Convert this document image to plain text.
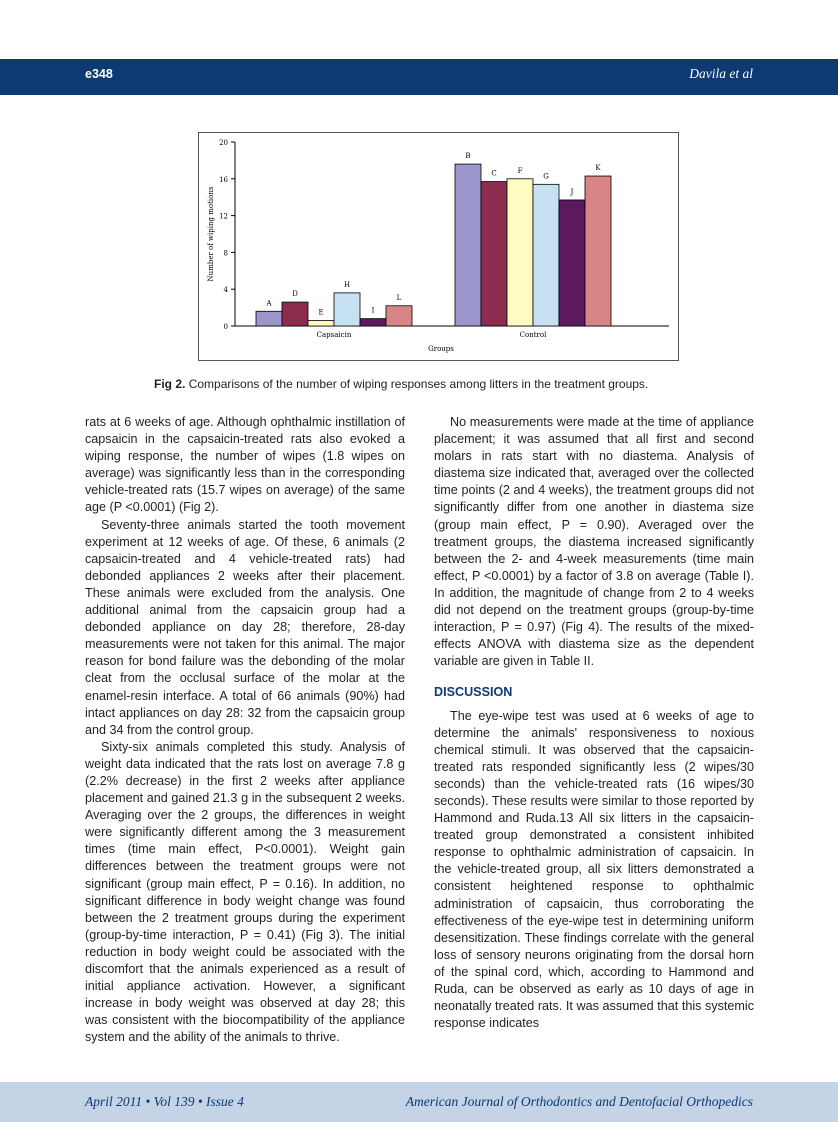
e348	Davila et al
0
4
8
12
16
20
Number of wiping motions
A
D
E
H
I
L
Capsaicin
B
C	F
G
J
K
Control
Groups
Fig 2. Comparisons of the number of wiping responses among litters in the treatment groups.

rats at 6 weeks of age. Although ophthalmic instillation of capsaicin in the capsaicin-treated rats also evoked a wiping response, the number of wipes (1.8 wipes on average) was significantly less than in the corresponding vehicle-treated rats (15.7 wipes on average) of the same age (P <0.0001) (Fig 2).

Seventy-three animals started the tooth movement experiment at 12 weeks of age. Of these, 6 animals (2 capsaicin-treated and 4 vehicle-treated rats) had debonded appliances 2 weeks after their placement. These animals were excluded from the analysis. One additional animal from the capsaicin group had a debonded appliance on day 28; therefore, 28-day measurements were not taken for this animal. The major reason for bond failure was the debonding of the molar cleat from the occlusal surface of the molar at the enamel-resin interface. A total of 66 animals (90%) had intact appliances on day 28: 32 from the capsaicin group and 34 from the control group.

Sixty-six animals completed this study. Analysis of weight data indicated that the rats lost on average 7.8 g (2.2% decrease) in the first 2 weeks after appliance placement and gained 21.3 g in the subsequent 2 weeks. Averaging over the 2 groups, the differences in weight were significantly different among the 3 measurement times (time main effect, P<0.0001). Weight gain differences between the treatment groups were not significant (group main effect, P = 0.16). In addition, no significant difference in body weight change was found between the 2 treatment groups during the experiment (group-by-time interaction, P = 0.41) (Fig 3). The initial reduction in body weight could be associated with the discomfort that the animals experienced as a result of initial appliance activation. However, a significant increase in body weight was observed at day 28; this was consistent with the biocompatibility of the appliance system and the ability of the animals to thrive.

No measurements were made at the time of appliance placement; it was assumed that all first and second molars in rats start with no diastema. Analysis of diastema size indicated that, averaged over the collected time points (2 and 4 weeks), the treatment groups did not significantly differ from one another in diastema size (group main effect, P = 0.90). Averaged over the treatment groups, the diastema increased significantly between the 2- and 4-week measurements (time main effect, P <0.0001) by a factor of 3.8 on average (Table I). In addition, the magnitude of change from 2 to 4 weeks did not depend on the treatment groups (group-by-time interaction, P = 0.97) (Fig 4). The results of the mixed-effects ANOVA with diastema size as the dependent variable are given in Table II.

DISCUSSION

The eye-wipe test was used at 6 weeks of age to determine the animals' responsiveness to noxious chemical stimuli. It was observed that the capsaicin-treated rats responded significantly less (2 wipes/30 seconds) than the vehicle-treated rats (16 wipes/30 seconds). These results were similar to those reported by Hammond and Ruda.13 All six litters in the capsaicin-treated group demonstrated a consistent inhibited response to ophthalmic administration of capsaicin. In the vehicle-treated group, all six litters demonstrated a consistent heightened response to ophthalmic administration of capsaicin, thus corroborating the effectiveness of the eye-wipe test in determining uniform desensitization. These findings correlate with the general loss of sensory neurons originating from the dorsal horn of the spinal cord, which, according to Hammond and Ruda, can be observed as early as 10 days of age in neonatally treated rats. It was assumed that this systemic response indicates

April 2011 • Vol 139 • Issue 4	American Journal of Orthodontics and Dentofacial Orthopedics
